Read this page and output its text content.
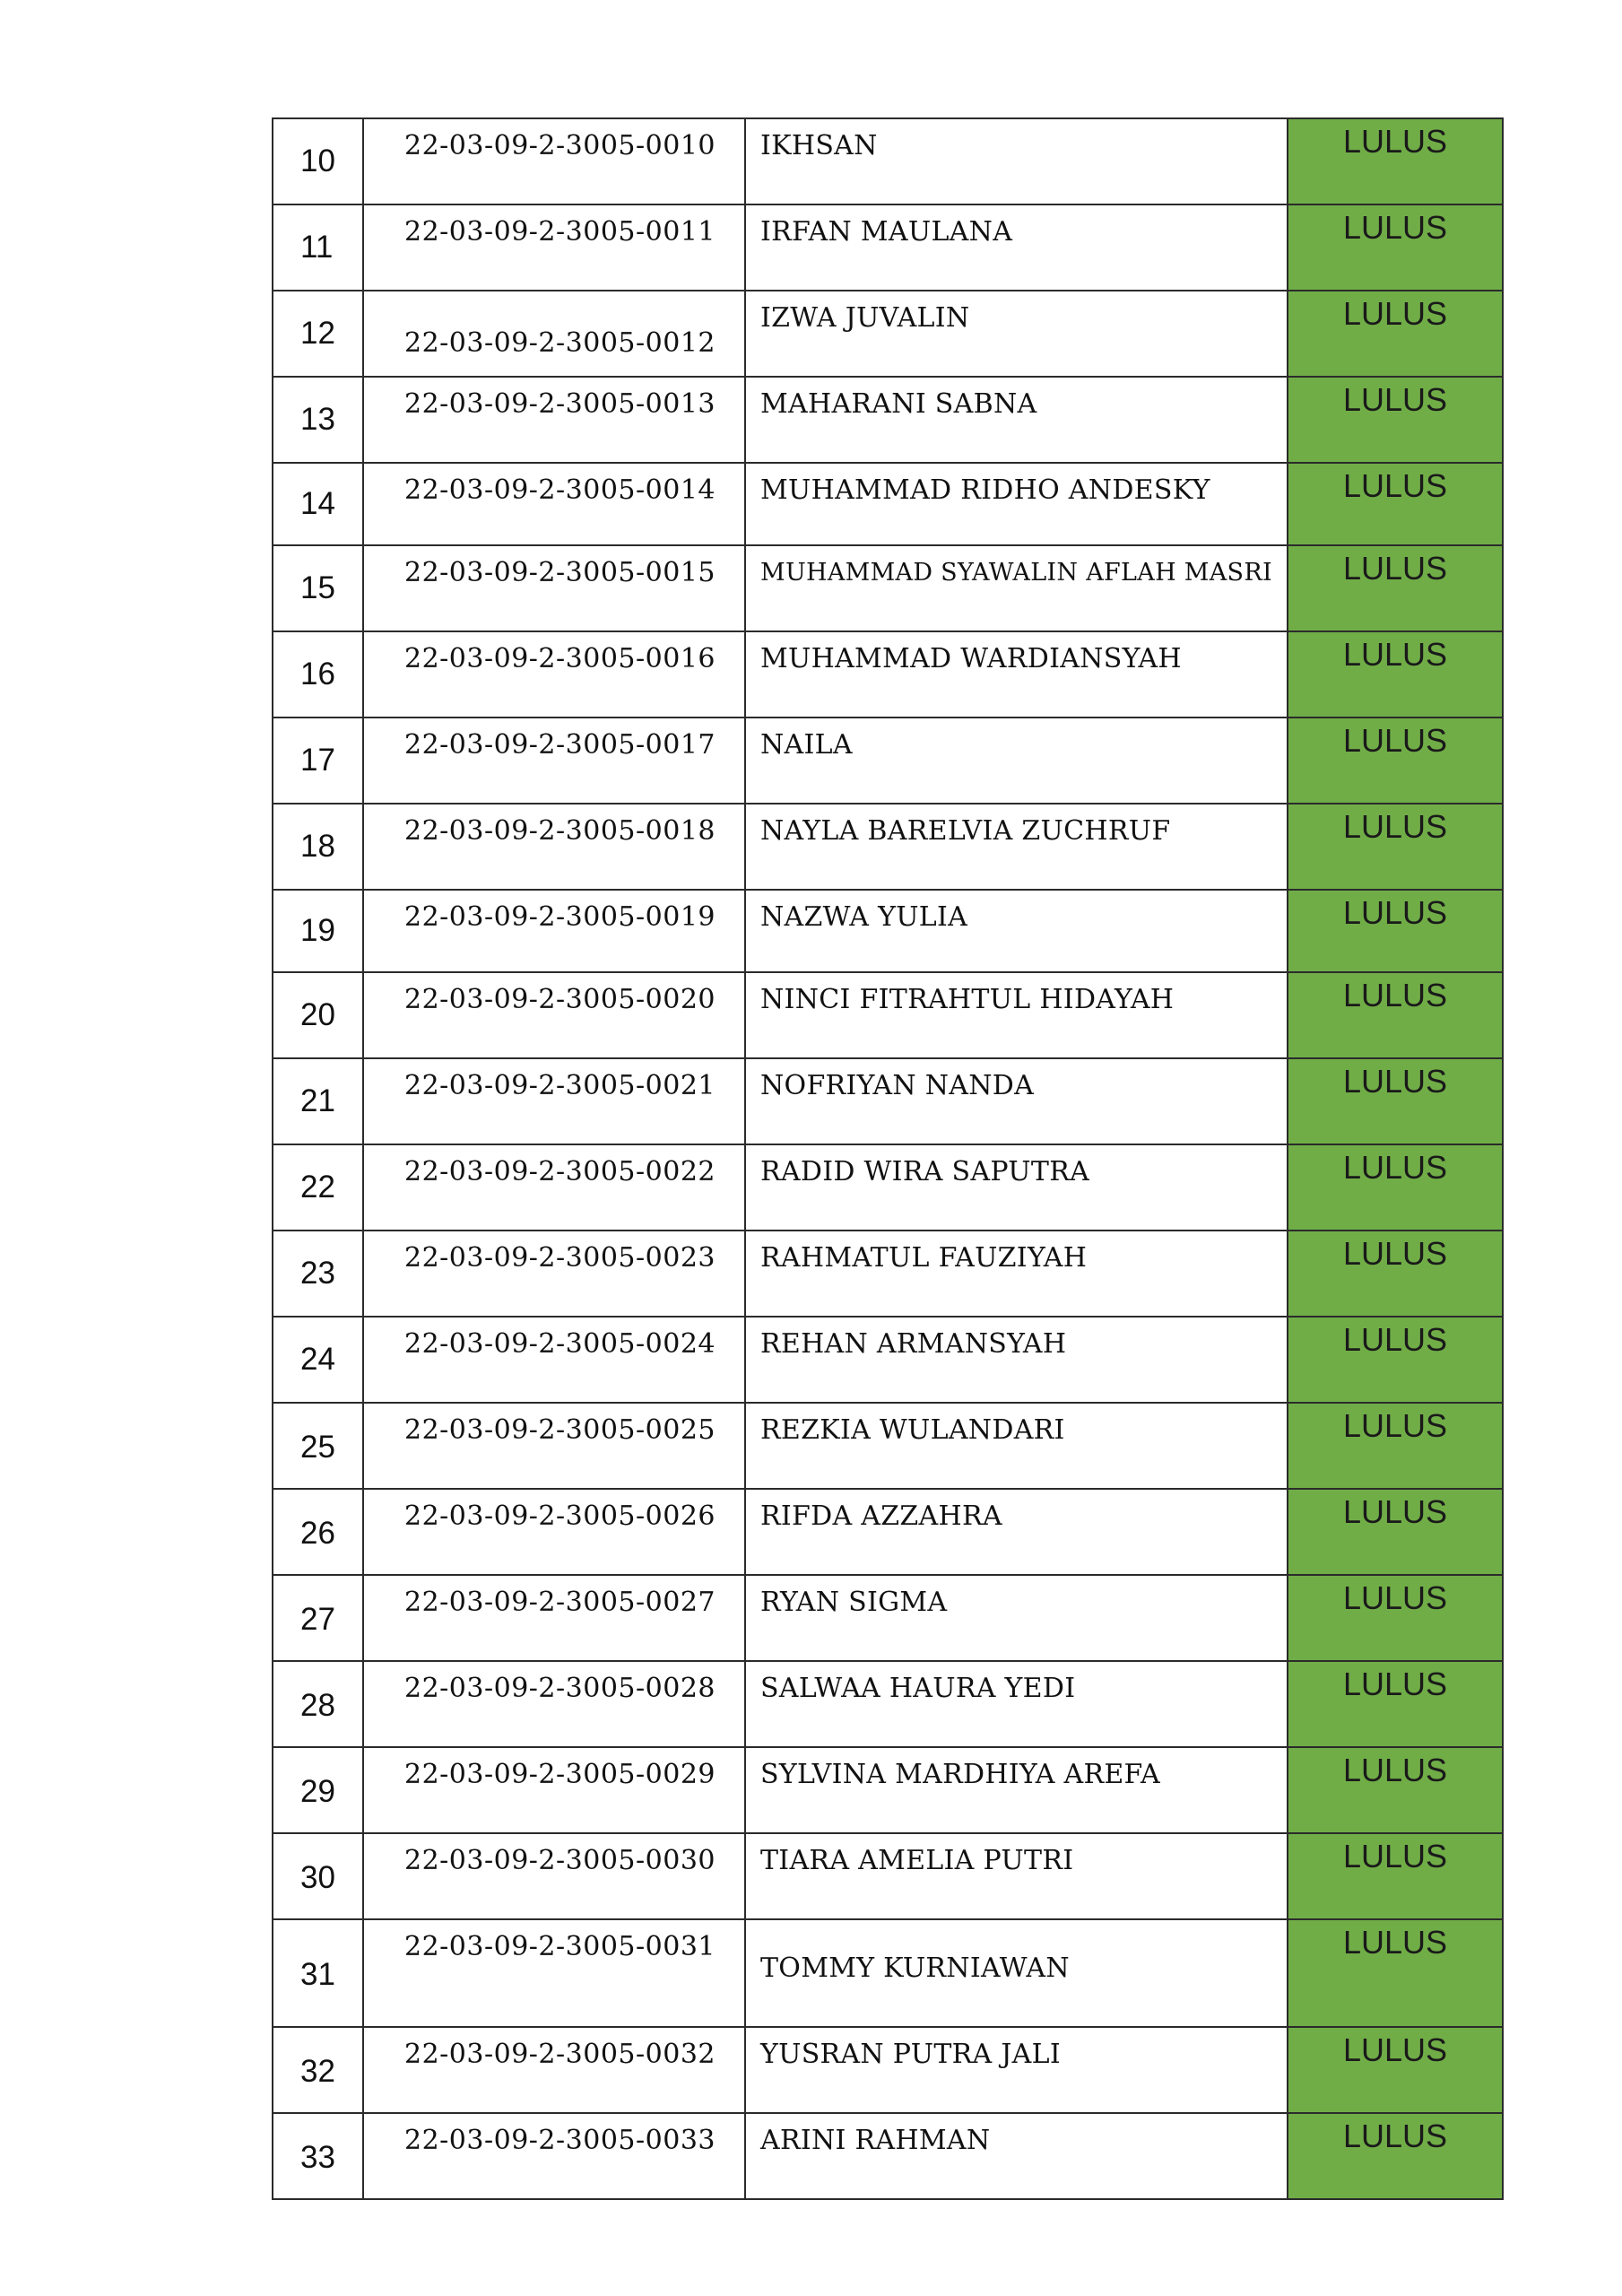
10	22-03-09-2-3005-0010	IKHSAN	LULUS
11	22-03-09-2-3005-0011	IRFAN MAULANA	LULUS
12	22-03-09-2-3005-0012	IZWA JUVALIN	LULUS
13	22-03-09-2-3005-0013	MAHARANI SABNA	LULUS
14	22-03-09-2-3005-0014	MUHAMMAD RIDHO ANDESKY	LULUS
15	22-03-09-2-3005-0015	MUHAMMAD SYAWALIN AFLAH MASRI	LULUS
16	22-03-09-2-3005-0016	MUHAMMAD WARDIANSYAH	LULUS
17	22-03-09-2-3005-0017	NAILA	LULUS
18	22-03-09-2-3005-0018	NAYLA BARELVIA ZUCHRUF	LULUS
19	22-03-09-2-3005-0019	NAZWA YULIA	LULUS
20	22-03-09-2-3005-0020	NINCI FITRAHTUL HIDAYAH	LULUS
21	22-03-09-2-3005-0021	NOFRIYAN NANDA	LULUS
22	22-03-09-2-3005-0022	RADID WIRA SAPUTRA	LULUS
23	22-03-09-2-3005-0023	RAHMATUL FAUZIYAH	LULUS
24	22-03-09-2-3005-0024	REHAN ARMANSYAH	LULUS
25	22-03-09-2-3005-0025	REZKIA WULANDARI	LULUS
26	22-03-09-2-3005-0026	RIFDA AZZAHRA	LULUS
27	22-03-09-2-3005-0027	RYAN SIGMA	LULUS
28	22-03-09-2-3005-0028	SALWAA HAURA YEDI	LULUS
29	22-03-09-2-3005-0029	SYLVINA MARDHIYA AREFA	LULUS
30	22-03-09-2-3005-0030	TIARA AMELIA PUTRI	LULUS
31	22-03-09-2-3005-0031	TOMMY KURNIAWAN	LULUS
32	22-03-09-2-3005-0032	YUSRAN PUTRA JALI	LULUS
33	22-03-09-2-3005-0033	ARINI RAHMAN	LULUS
